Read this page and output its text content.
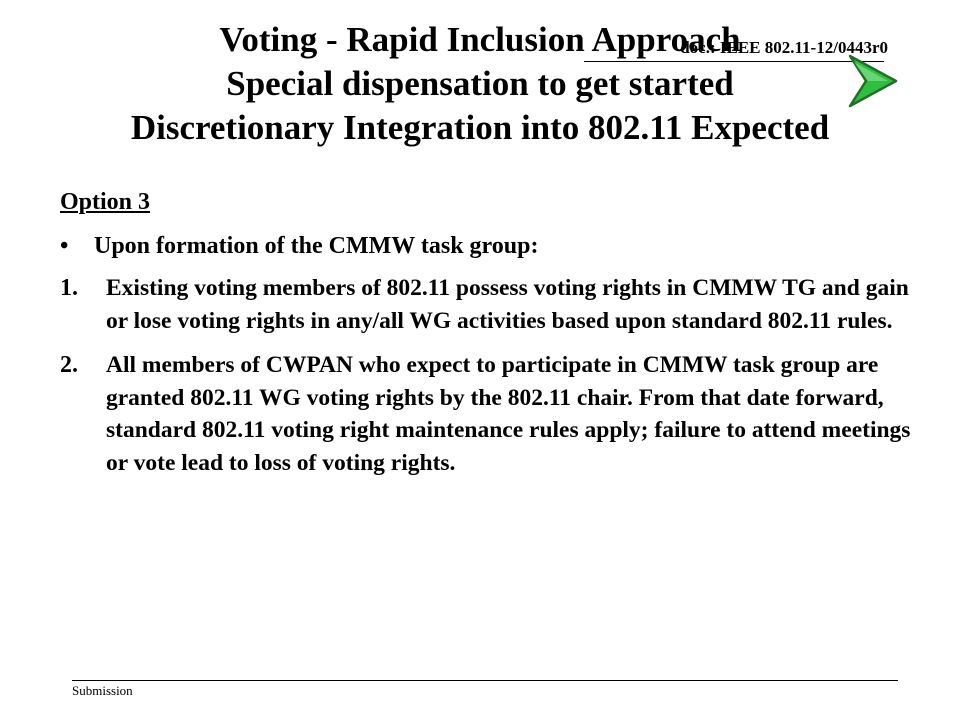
Voting - Rapid Inclusion Approach
Special dispensation to get started
Discretionary Integration into 802.11 Expected
doc.: IEEE 802.11-12/0443r0
Option 3
•	Upon formation of the CMMW task group:
1.	Existing voting members of 802.11 possess voting rights in CMMW TG and gain or lose voting rights in any/all WG activities based upon standard 802.11 rules.
2.	All members of CWPAN who expect to participate in CMMW task group are granted 802.11 WG voting rights by the 802.11 chair. From that date forward, standard 802.11 voting right maintenance rules apply; failure to attend meetings or vote lead to loss of voting rights.
Submission
